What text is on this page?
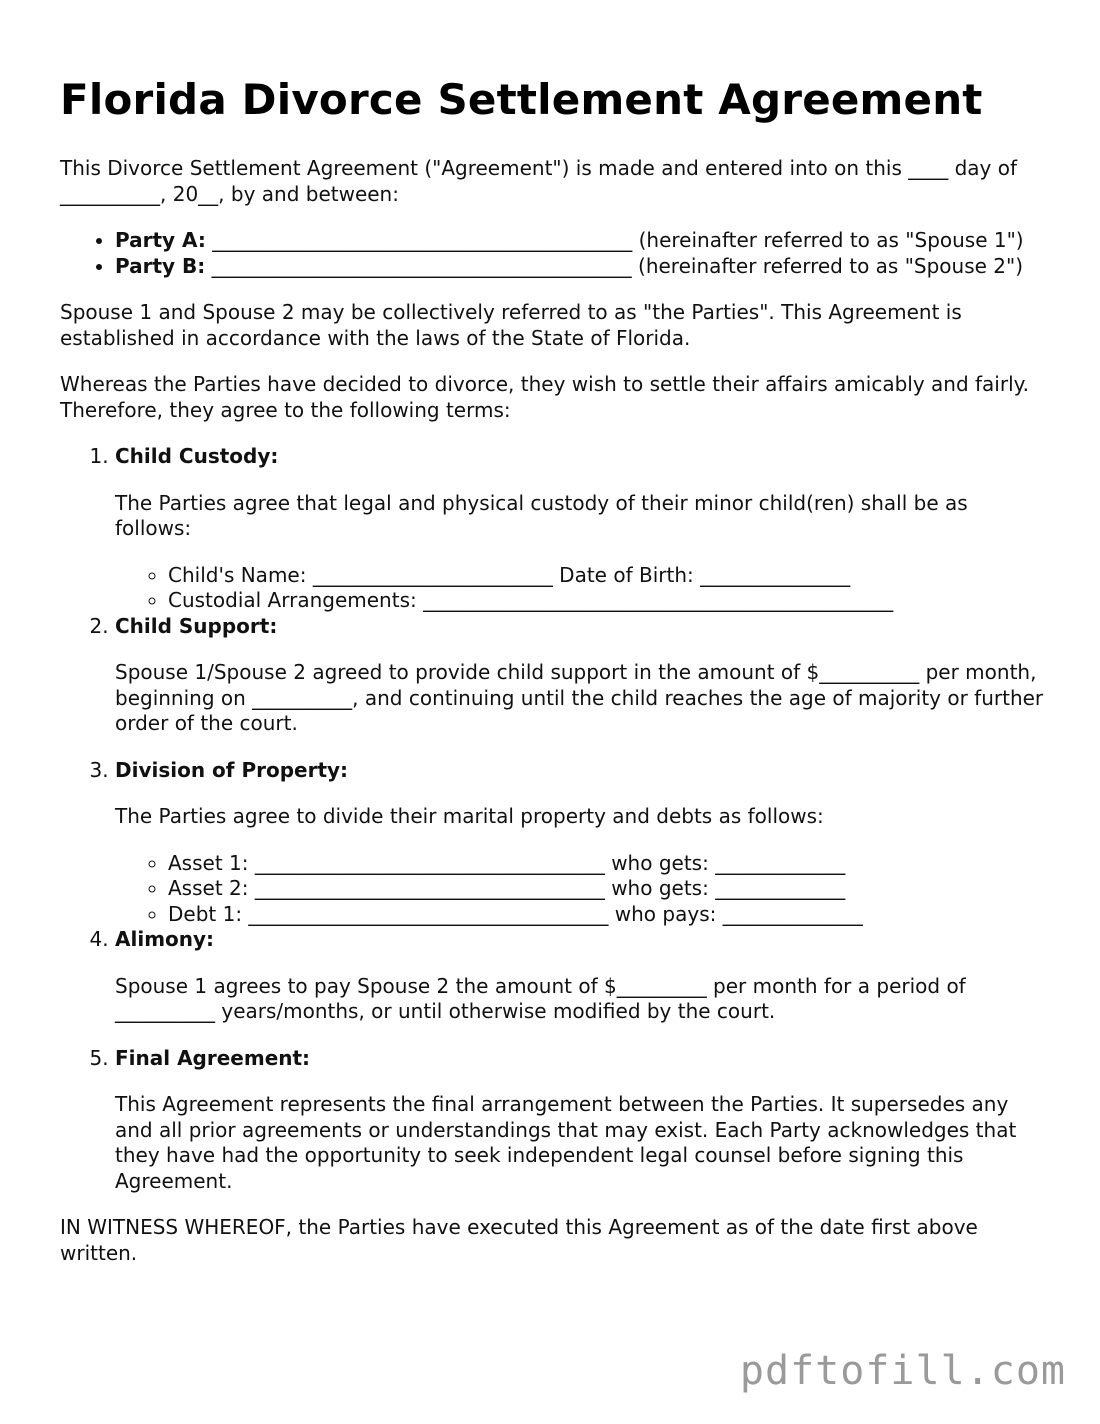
Florida Divorce Settlement Agreement

This Divorce Settlement Agreement ("Agreement") is made and entered into on this ____ day of __________, 20__, by and between:

• Party A: __________________________________________ (hereinafter referred to as "Spouse 1")
• Party B: __________________________________________ (hereinafter referred to as "Spouse 2")

Spouse 1 and Spouse 2 may be collectively referred to as "the Parties". This Agreement is established in accordance with the laws of the State of Florida.

Whereas the Parties have decided to divorce, they wish to settle their affairs amicably and fairly. Therefore, they agree to the following terms:

1. Child Custody:

The Parties agree that legal and physical custody of their minor child(ren) shall be as follows:

◦ Child's Name: ________________________ Date of Birth: _______________
◦ Custodial Arrangements: _______________________________________________
2. Child Support:

Spouse 1/Spouse 2 agreed to provide child support in the amount of $__________ per month, beginning on __________, and continuing until the child reaches the age of majority or further order of the court.

3. Division of Property:

The Parties agree to divide their marital property and debts as follows:

◦ Asset 1: ___________________________________ who gets: _____________
◦ Asset 2: ___________________________________ who gets: _____________
◦ Debt 1: ____________________________________ who pays: ______________
4. Alimony:

Spouse 1 agrees to pay Spouse 2 the amount of $_________ per month for a period of __________ years/months, or until otherwise modified by the court.

5. Final Agreement:

This Agreement represents the final arrangement between the Parties. It supersedes any and all prior agreements or understandings that may exist. Each Party acknowledges that they have had the opportunity to seek independent legal counsel before signing this Agreement.

IN WITNESS WHEREOF, the Parties have executed this Agreement as of the date first above written.

pdftofill.com
